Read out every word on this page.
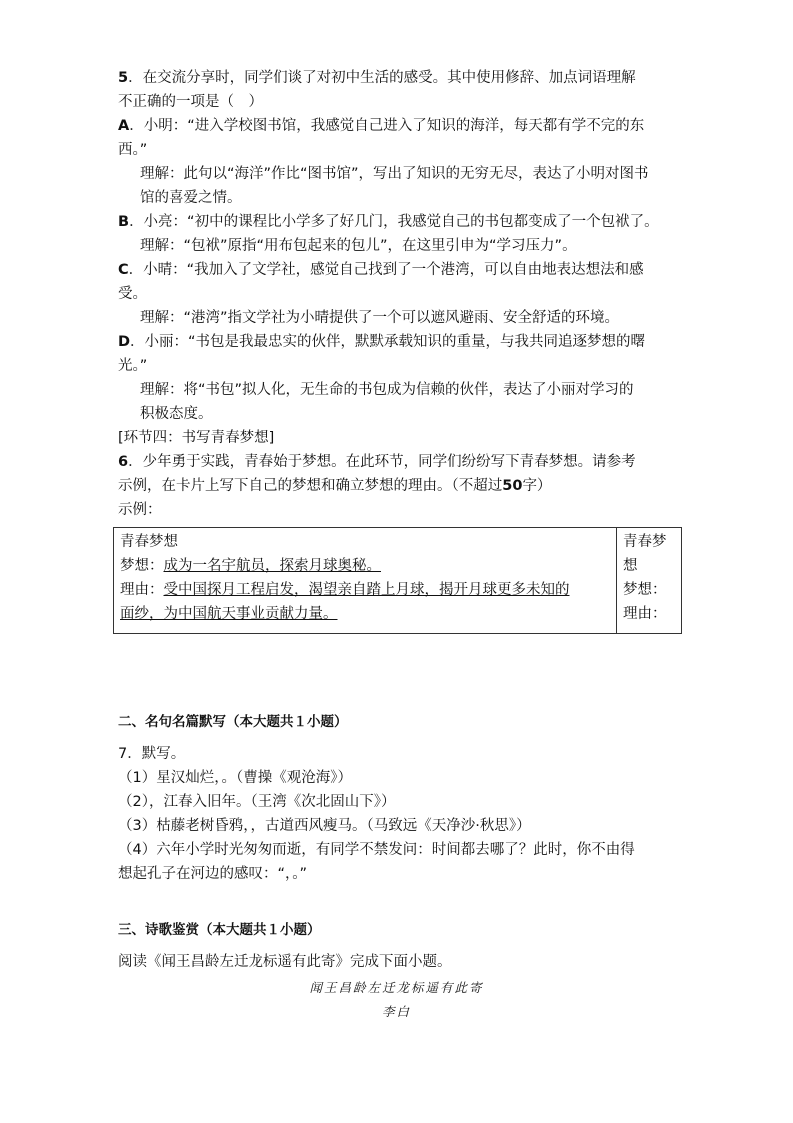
5．在交流分享时，同学们谈了对初中生活的感受。其中使用修辞、加点词语理解

不正确的一项是（　）

A．小明：“进入学校图书馆，我感觉自己进入了知识的海洋，每天都有学不完的东

西。”

理解：此句以“海洋”作比“图书馆”，写出了知识的无穷无尽，表达了小明对图书

馆的喜爱之情。

B．小亮：“初中的课程比小学多了好几门，我感觉自己的书包都变成了一个包袱了。

理解：“包袱”原指“用布包起来的包儿”，在这里引申为“学习压力”。

C．小晴：“我加入了文学社，感觉自己找到了一个港湾，可以自由地表达想法和感

受。

理解：“港湾”指文学社为小晴提供了一个可以遮风避雨、安全舒适的环境。

D．小丽：“书包是我最忠实的伙伴，默默承载知识的重量，与我共同追逐梦想的曙

光。”

理解：将“书包”拟人化，无生命的书包成为信赖的伙伴，表达了小丽对学习的

积极态度。

[环节四：书写青春梦想]

6．少年勇于实践，青春始于梦想。在此环节，同学们纷纷写下青春梦想。请参考

示例，在卡片上写下自己的梦想和确立梦想的理由。（不超过50字）

示例：

青春梦想
梦想：成为一名宇航员，探索月球奥秘。
理由：受中国探月工程启发，渴望亲自踏上月球，揭开月球更多未知的
面纱，为中国航天事业贡献力量。

青春梦
想
梦想：
理由：

二、名句名篇默写（本大题共１小题）

7．默写。

（1）星汉灿烂，。（曹操《观沧海》）

（2），江春入旧年。（王湾《次北固山下》）

（3）枯藤老树昏鸦，，古道西风瘦马。（马致远《天净沙·秋思》）

（4）六年小学时光匆匆而逝，有同学不禁发问：时间都去哪了？此时，你不由得

想起孔子在河边的感叹：“，。”

三、诗歌鉴赏（本大题共１小题）

阅读《闻王昌龄左迁龙标遥有此寄》完成下面小题。

闻王昌龄左迁龙标遥有此寄
李白
